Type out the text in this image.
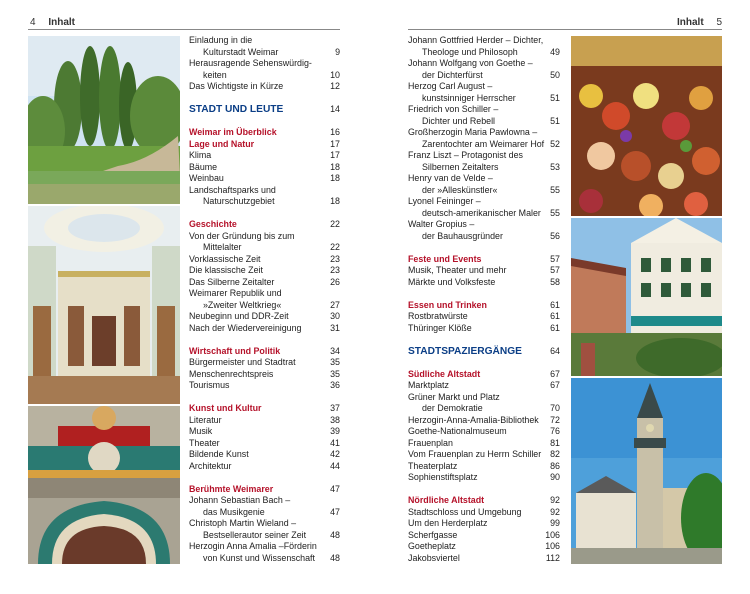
4 Inhalt	Inhalt 5
Einladung in die
Kulturstadt Weimar	9
Herausragende Sehenswürdig-
keiten	10
Das Wichtigste in Kürze	12
STADT UND LEUTE	14
Weimar im Überblick	16
Lage und Natur	17
Klima	17
Bäume	18
Weinbau	18
Landschaftsparks und
Naturschutzgebiet	18
Geschichte	22
Von der Gründung bis zum
Mittelalter	22
Vorklassische Zeit	23
Die klassische Zeit	23
Das Silberne Zeitalter	26
Weimarer Republik und
»Zweiter Weltkrieg«	27
Neubeginn und DDR-Zeit	30
Nach der Wiedervereinigung	31
Wirtschaft und Politik	34
Bürgermeister und Stadtrat	35
Menschenrechtspreis	35
Tourismus	36
Kunst und Kultur	37
Literatur	38
Musik	39
Theater	41
Bildende Kunst	42
Architektur	44
Berühmte Weimarer	47
Johann Sebastian Bach –
das Musikgenie	47
Christoph Martin Wieland –
Bestsellerautor seiner Zeit	48
Herzogin Anna Amalia –Förderin
von Kunst und Wissenschaft 48
Johann Gottfried Herder – Dichter,
Theologe und Philosoph	49
Johann Wolfgang von Goethe –
der Dichterfürst	50
Herzog Carl August –
kunstsinniger Herrscher	51
Friedrich von Schiller –
Dichter und Rebell	51
Großherzogin Maria Pawlowna –
Zarentochter am Weimarer Hof 52
Franz Liszt – Protagonist des
Silbernen Zeitalters	53
Henry van de Velde –
der »Alleskünstler«	55
Lyonel Feininger –
deutsch-amerikanischer Maler 55
Walter Gropius –
der Bauhausgründer	56
Feste und Events	57
Musik, Theater und mehr	57
Märkte und Volksfeste	58
Essen und Trinken	61
Rostbratwürste	61
Thüringer Klöße	61
STADTSPAZIERGÄNGE	64
Südliche Altstadt	67
Marktplatz	67
Grüner Markt und Platz
der Demokratie	70
Herzogin-Anna-Amalia-Bibliothek 72
Goethe-Nationalmuseum	76
Frauenplan	81
Vom Frauenplan zu Herrn Schiller 82
Theaterplatz	86
Sophienstiftsplatz	90
Nördliche Altstadt	92
Stadtschloss und Umgebung	92
Um den Herderplatz	99
Scherfgasse	106
Goetheplatz	106
Jakobsviertel	112
